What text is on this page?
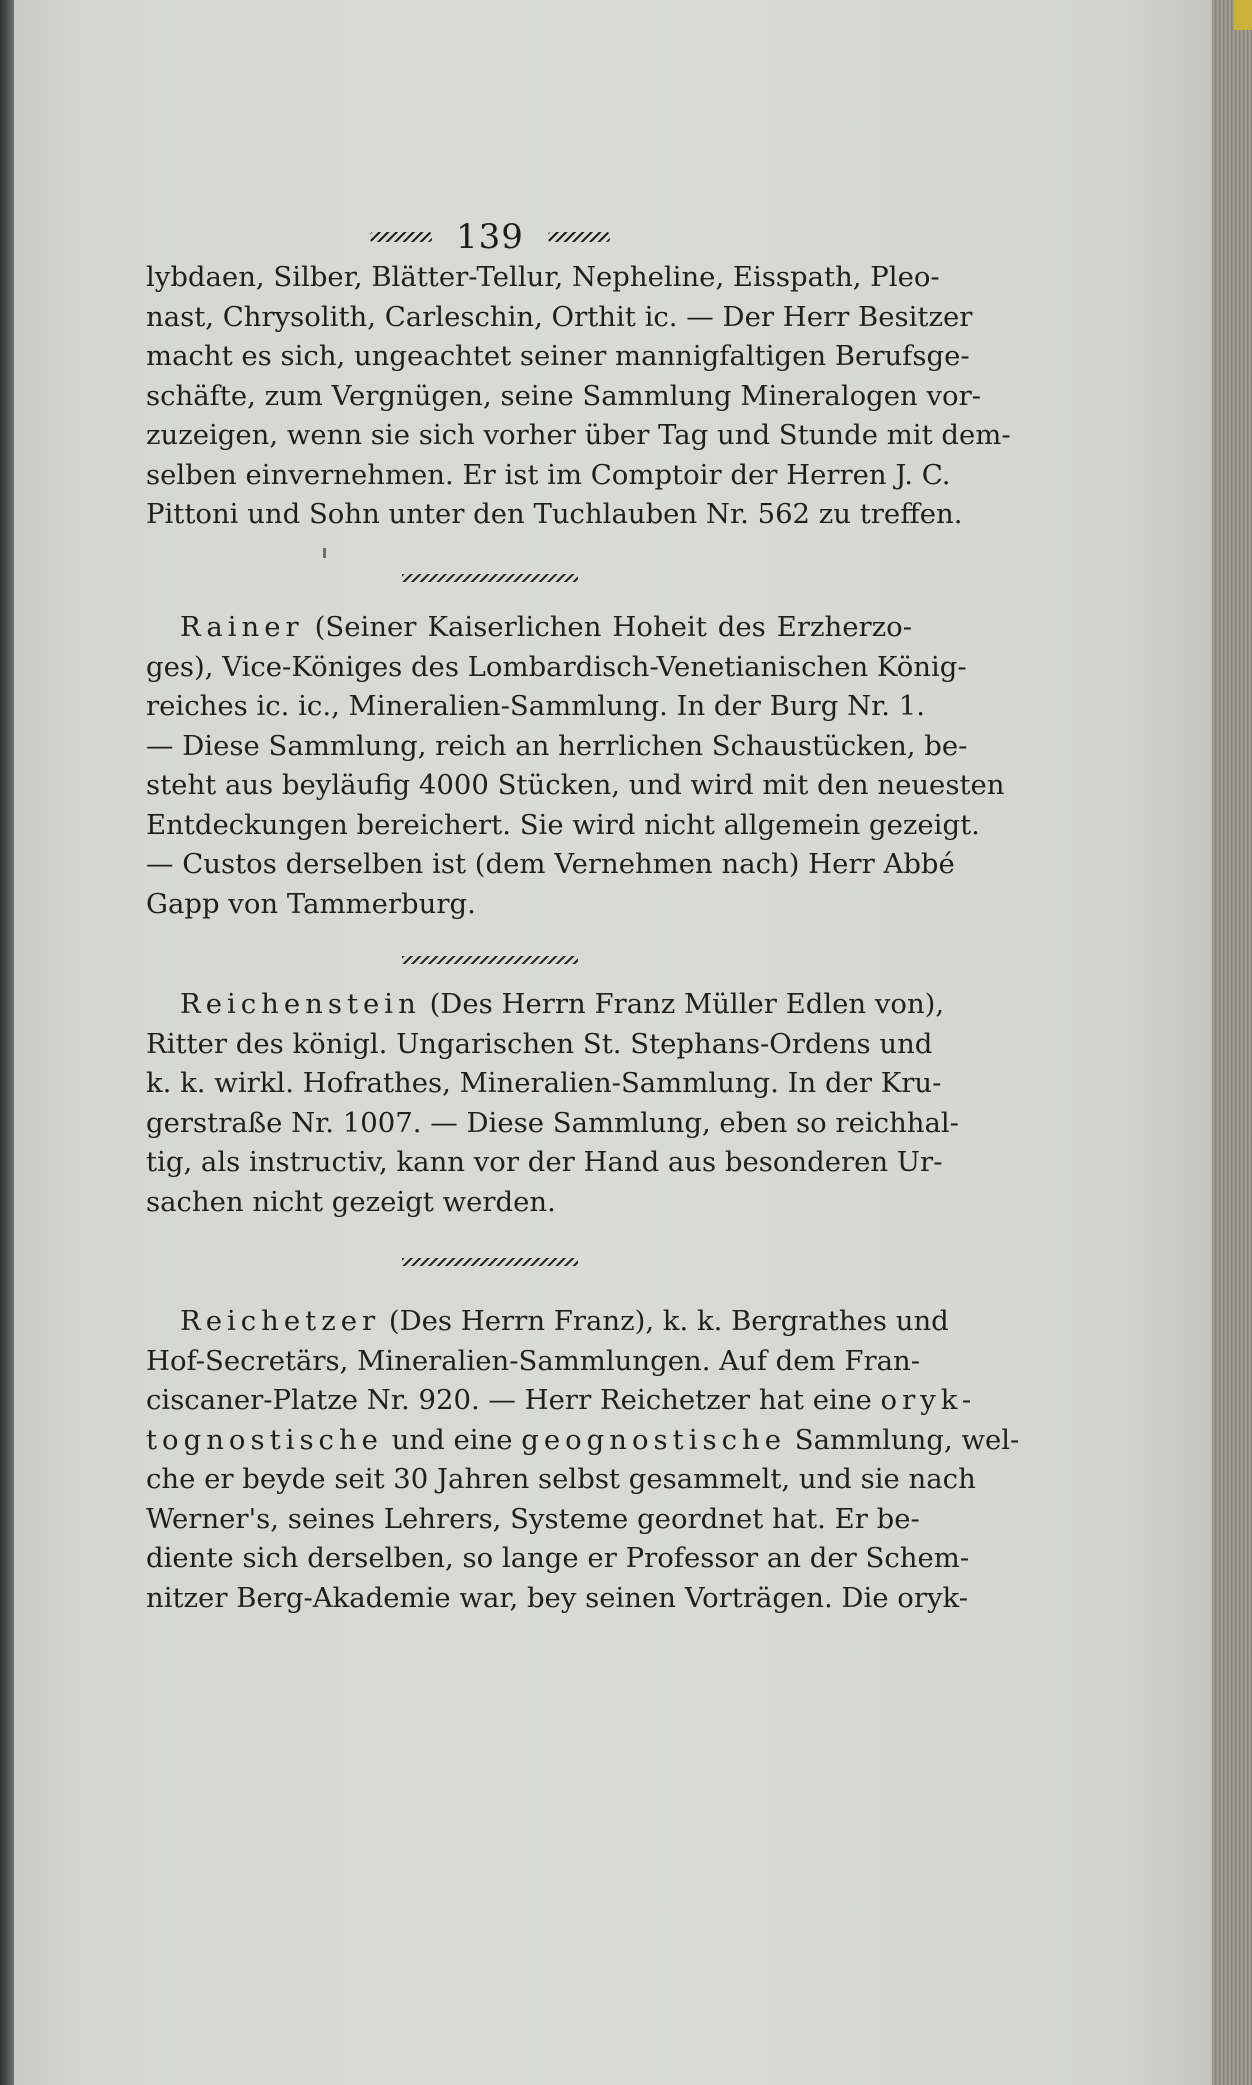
139
lybdaen, Silber, Blätter-Tellur, Nepheline, Eisspath, Pleo-
nast, Chrysolith, Carleschin, Orthit ic. — Der Herr Besitzer
macht es sich, ungeachtet seiner mannigfaltigen Berufsge-
schäfte, zum Vergnügen, seine Sammlung Mineralogen vor-
zuzeigen, wenn sie sich vorher über Tag und Stunde mit dem-
selben einvernehmen. Er ist im Comptoir der Herren J. C.
Pittoni und Sohn unter den Tuchlauben Nr. 562 zu treffen.
Rainer (Seiner Kaiserlichen Hoheit des Erzherzo-
ges), Vice-Königes des Lombardisch-Venetianischen König-
reiches ic. ic., Mineralien-Sammlung. In der Burg Nr. 1.
— Diese Sammlung, reich an herrlichen Schaustücken, be-
steht aus beyläufig 4000 Stücken, und wird mit den neuesten
Entdeckungen bereichert. Sie wird nicht allgemein gezeigt.
— Custos derselben ist (dem Vernehmen nach) Herr Abbé
Gapp von Tammerburg.
Reichenstein (Des Herrn Franz Müller Edlen von),
Ritter des königl. Ungarischen St. Stephans-Ordens und
k. k. wirkl. Hofrathes, Mineralien-Sammlung. In der Kru-
gerstraße Nr. 1007. — Diese Sammlung, eben so reichhal-
tig, als instructiv, kann vor der Hand aus besonderen Ur-
sachen nicht gezeigt werden.
Reichetzer (Des Herrn Franz), k. k. Bergrathes und
Hof-Secretärs, Mineralien-Sammlungen. Auf dem Fran-
ciscaner-Platze Nr. 920. — Herr Reichetzer hat eine oryk-
tognostische und eine geognostische Sammlung, wel-
che er beyde seit 30 Jahren selbst gesammelt, und sie nach
Werner's, seines Lehrers, Systeme geordnet hat. Er be-
diente sich derselben, so lange er Professor an der Schem-
nitzer Berg-Akademie war, bey seinen Vorträgen. Die oryk-
